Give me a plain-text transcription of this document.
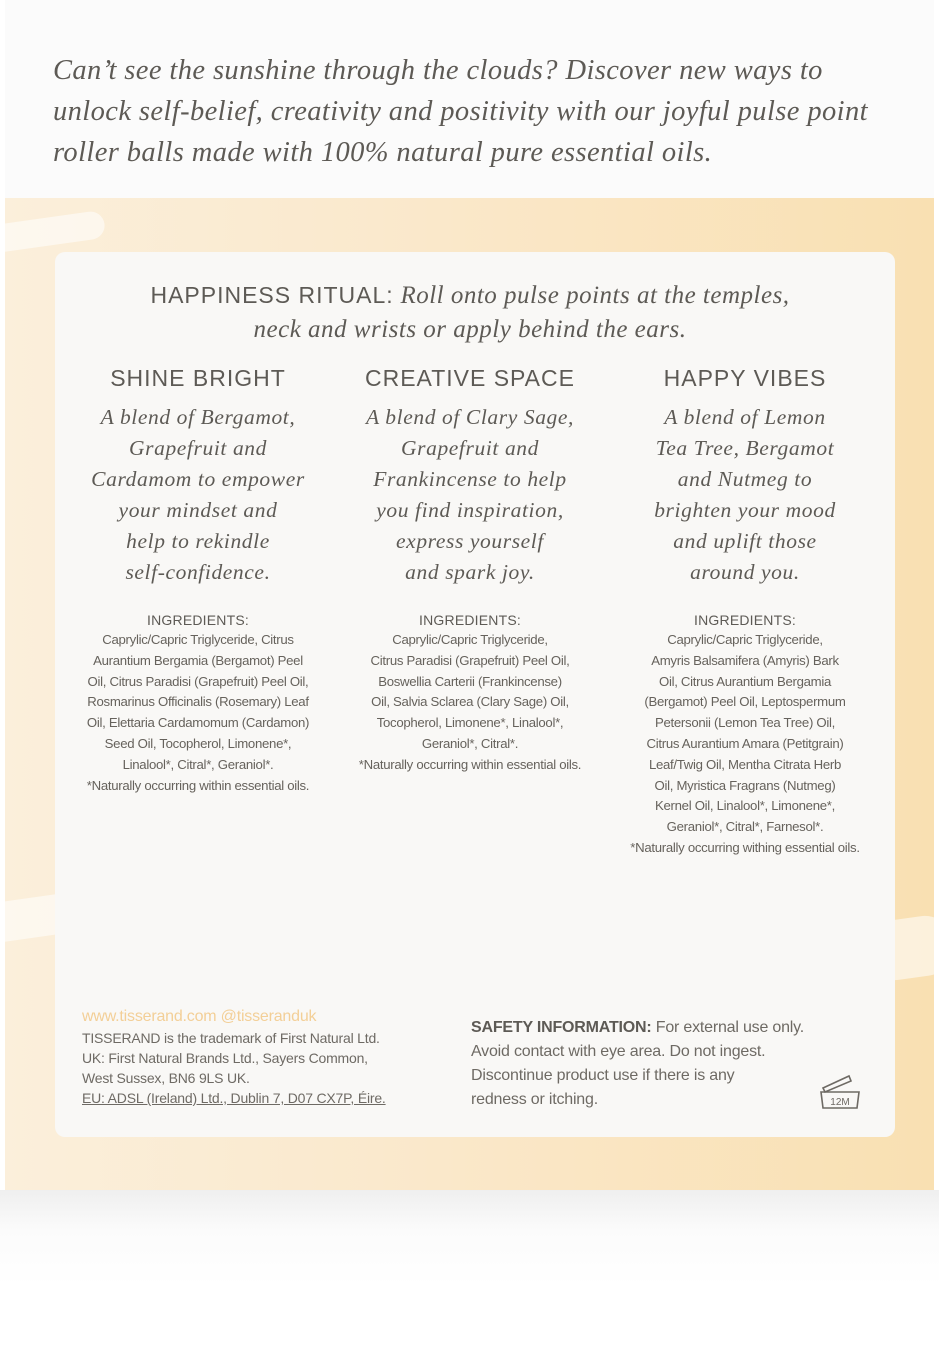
Can’t see the sunshine through the clouds? Discover new ways to unlock self-belief, creativity and positivity with our joyful pulse point roller balls made with 100% natural pure essential oils.

HAPPINESS RITUAL: Roll onto pulse points at the temples,
neck and wrists or apply behind the ears.
SHINE BRIGHT
A blend of Bergamot,
Grapefruit and
Cardamom to empower
your mindset and
help to rekindle
self-confidence.
INGREDIENTS:
Caprylic/Capric Triglyceride, Citrus
Aurantium Bergamia (Bergamot) Peel
Oil, Citrus Paradisi (Grapefruit) Peel Oil,
Rosmarinus Officinalis (Rosemary) Leaf
Oil, Elettaria Cardamomum (Cardamon)
Seed Oil, Tocopherol, Limonene*,
Linalool*, Citral*, Geraniol*.
*Naturally occurring within essential oils.
CREATIVE SPACE
A blend of Clary Sage,
Grapefruit and
Frankincense to help
you find inspiration,
express yourself
and spark joy.
INGREDIENTS:
Caprylic/Capric Triglyceride,
Citrus Paradisi (Grapefruit) Peel Oil,
Boswellia Carterii (Frankincense)
Oil, Salvia Sclarea (Clary Sage) Oil,
Tocopherol, Limonene*, Linalool*,
Geraniol*, Citral*.
*Naturally occurring within essential oils.
HAPPY VIBES
A blend of Lemon
Tea Tree, Bergamot
and Nutmeg to
brighten your mood
and uplift those
around you.
INGREDIENTS:
Caprylic/Capric Triglyceride,
Amyris Balsamifera (Amyris) Bark
Oil, Citrus Aurantium Bergamia
(Bergamot) Peel Oil, Leptospermum
Petersonii (Lemon Tea Tree) Oil,
Citrus Aurantium Amara (Petitgrain)
Leaf/Twig Oil, Mentha Citrata Herb
Oil, Myristica Fragrans (Nutmeg)
Kernel Oil, Linalool*, Limonene*,
Geraniol*, Citral*, Farnesol*.
*Naturally occurring withing essential oils.
www.tisserand.com @tisseranduk
TISSERAND is the trademark of First Natural Ltd.
UK: First Natural Brands Ltd., Sayers Common,
West Sussex, BN6 9LS UK.
EU: ADSL (Ireland) Ltd., Dublin 7, D07 CX7P, Éire.
SAFETY INFORMATION: For external use only.
Avoid contact with eye area. Do not ingest.
Discontinue product use if there is any
redness or itching.	12M
